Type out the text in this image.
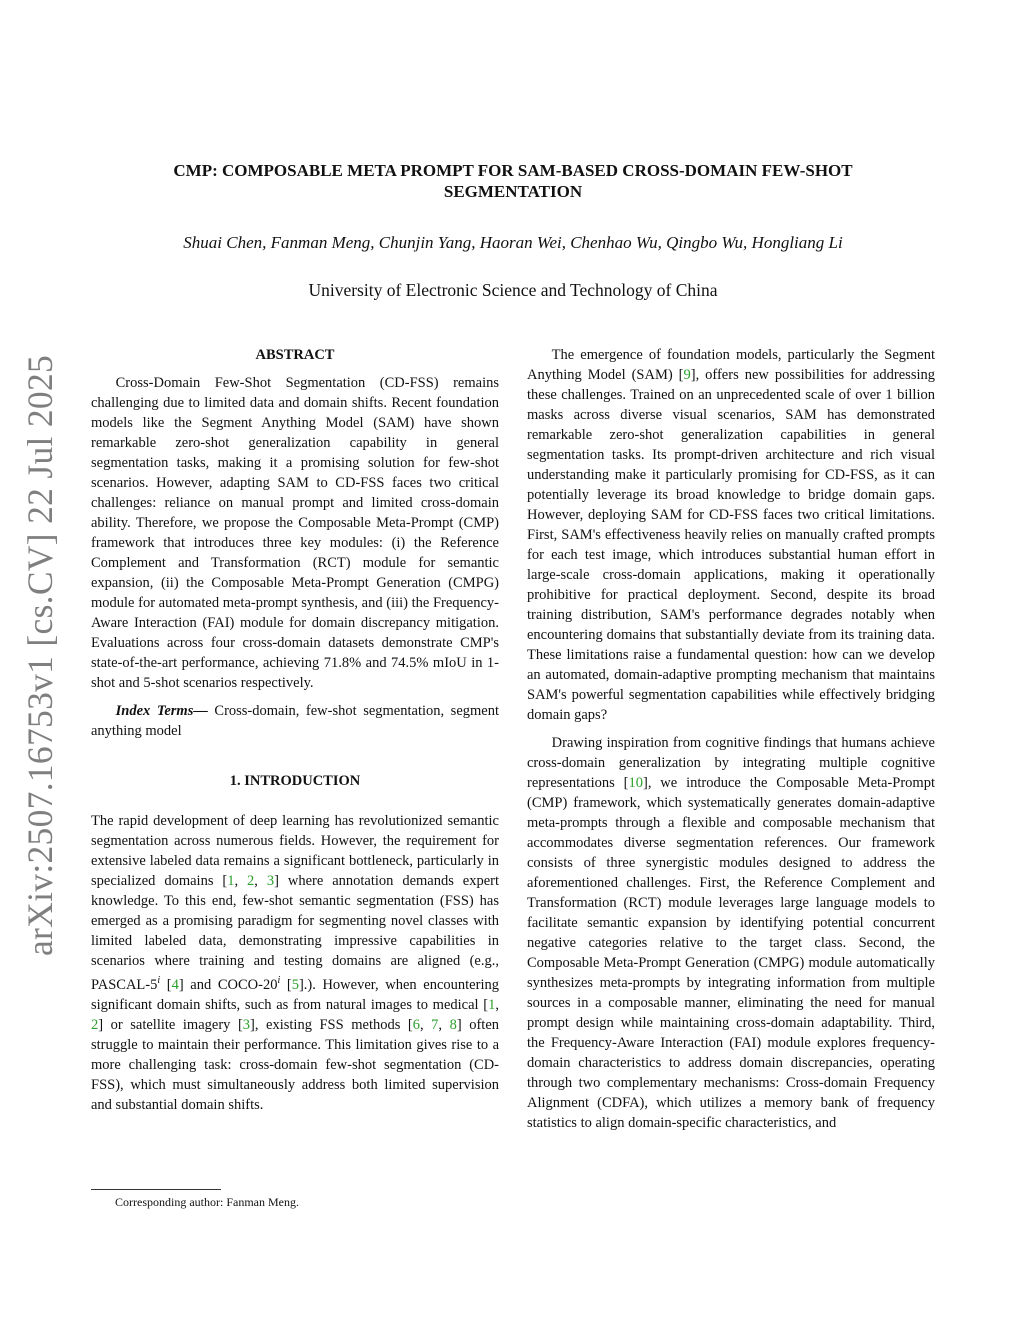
arXiv:2507.16753v1 [cs.CV] 22 Jul 2025
CMP: COMPOSABLE META PROMPT FOR SAM-BASED CROSS-DOMAIN FEW-SHOT
SEGMENTATION
Shuai Chen, Fanman Meng, Chunjin Yang, Haoran Wei, Chenhao Wu, Qingbo Wu, Hongliang Li
University of Electronic Science and Technology of China
ABSTRACT

Cross-Domain Few-Shot Segmentation (CD-FSS) remains challenging due to limited data and domain shifts. Recent foundation models like the Segment Anything Model (SAM) have shown remarkable zero-shot generalization capability in general segmentation tasks, making it a promising solution for few-shot scenarios. However, adapting SAM to CD-FSS faces two critical challenges: reliance on manual prompt and limited cross-domain ability. Therefore, we propose the Composable Meta-Prompt (CMP) framework that introduces three key modules: (i) the Reference Complement and Transformation (RCT) module for semantic expansion, (ii) the Composable Meta-Prompt Generation (CMPG) module for automated meta-prompt synthesis, and (iii) the Frequency-Aware Interaction (FAI) module for domain discrepancy mitigation. Evaluations across four cross-domain datasets demonstrate CMP's state-of-the-art performance, achieving 71.8% and 74.5% mIoU in 1-shot and 5-shot scenarios respectively.

Index Terms— Cross-domain, few-shot segmentation, segment anything model

1. INTRODUCTION

The rapid development of deep learning has revolutionized semantic segmentation across numerous fields. However, the requirement for extensive labeled data remains a significant bottleneck, particularly in specialized domains [1, 2, 3] where annotation demands expert knowledge. To this end, few-shot semantic segmentation (FSS) has emerged as a promising paradigm for segmenting novel classes with limited labeled data, demonstrating impressive capabilities in scenarios where training and testing domains are aligned (e.g., PASCAL-5$^i$ [4] and COCO-20$^i$ [5].). However, when encountering significant domain shifts, such as from natural images to medical [1, 2] or satellite imagery [3], existing FSS methods [6, 7, 8] often struggle to maintain their performance. This limitation gives rise to a more challenging task: cross-domain few-shot segmentation (CD-FSS), which must simultaneously address both limited supervision and substantial domain shifts.

Corresponding author: Fanman Meng.

The emergence of foundation models, particularly the Segment Anything Model (SAM) [9], offers new possibilities for addressing these challenges. Trained on an unprecedented scale of over 1 billion masks across diverse visual scenarios, SAM has demonstrated remarkable zero-shot generalization capabilities in general segmentation tasks. Its prompt-driven architecture and rich visual understanding make it particularly promising for CD-FSS, as it can potentially leverage its broad knowledge to bridge domain gaps. However, deploying SAM for CD-FSS faces two critical limitations. First, SAM's effectiveness heavily relies on manually crafted prompts for each test image, which introduces substantial human effort in large-scale cross-domain applications, making it operationally prohibitive for practical deployment. Second, despite its broad training distribution, SAM's performance degrades notably when encountering domains that substantially deviate from its training data. These limitations raise a fundamental question: how can we develop an automated, domain-adaptive prompting mechanism that maintains SAM's powerful segmentation capabilities while effectively bridging domain gaps?

Drawing inspiration from cognitive findings that humans achieve cross-domain generalization by integrating multiple cognitive representations [10], we introduce the Composable Meta-Prompt (CMP) framework, which systematically generates domain-adaptive meta-prompts through a flexible and composable mechanism that accommodates diverse segmentation references. Our framework consists of three synergistic modules designed to address the aforementioned challenges. First, the Reference Complement and Transformation (RCT) module leverages large language models to facilitate semantic expansion by identifying potential concurrent negative categories relative to the target class. Second, the Composable Meta-Prompt Generation (CMPG) module automatically synthesizes meta-prompts by integrating information from multiple sources in a composable manner, eliminating the need for manual prompt design while maintaining cross-domain adaptability. Third, the Frequency-Aware Interaction (FAI) module explores frequency-domain characteristics to address domain discrepancies, operating through two complementary mechanisms: Cross-domain Frequency Alignment (CDFA), which utilizes a memory bank of frequency statistics to align domain-specific characteristics, and
